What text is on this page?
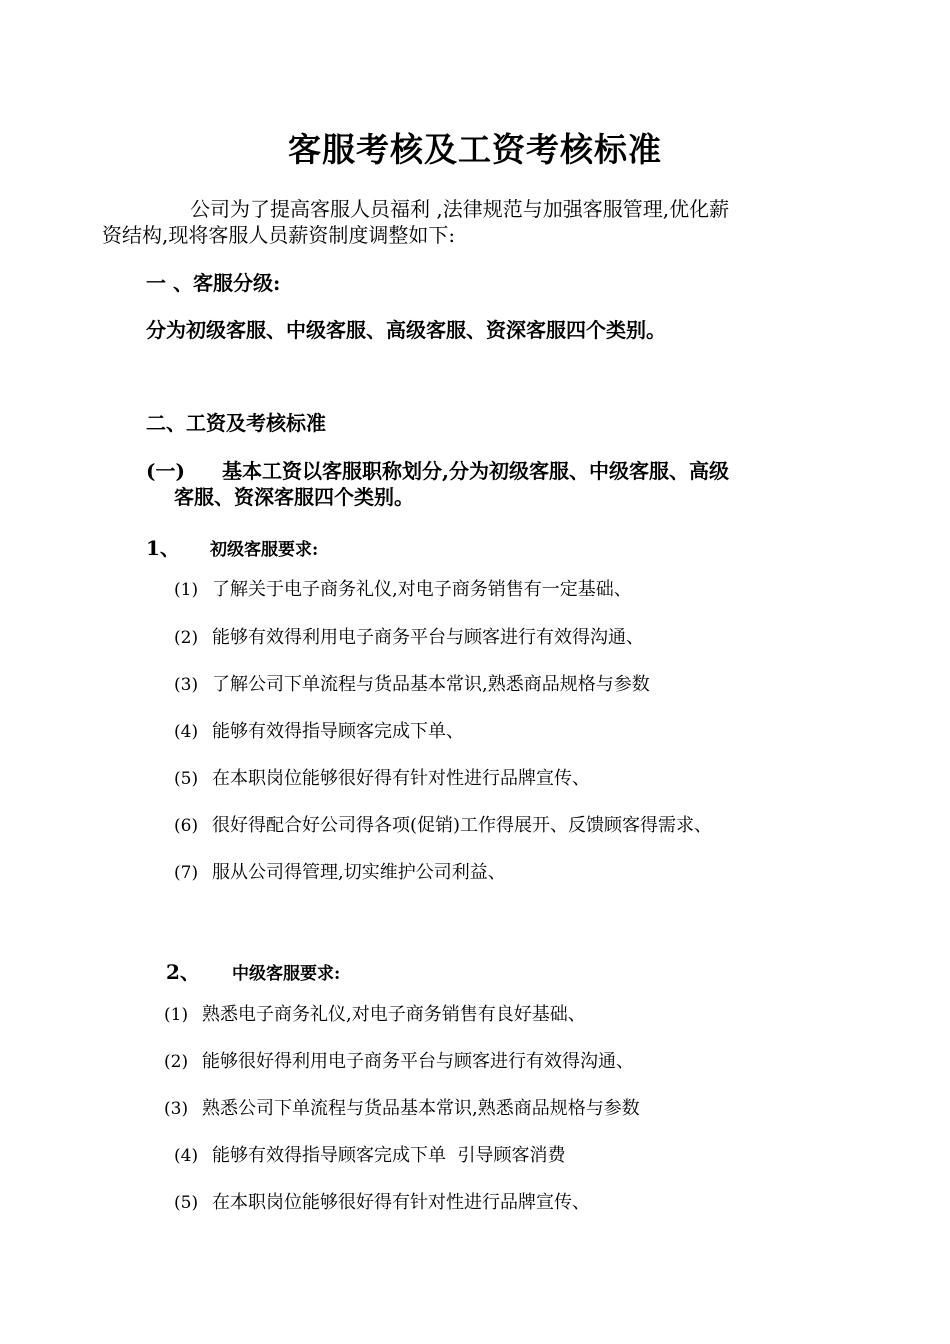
客服考核及工资考核标准

公司为了提高客服人员福利 ,法律规范与加强客服管理,优化薪
资结构,现将客服人员薪资制度调整如下:

一 、客服分级:
分为初级客服、中级客服、高级客服、资深客服四个类别。
二、工资及考核标准
(一)	基本工资以客服职称划分,分为初级客服、中级客服、高级
客服、资深客服四个类别。
1、 初级客服要求:
(1) 了解关于电子商务礼仪,对电子商务销售有一定基础、
(2) 能够有效得利用电子商务平台与顾客进行有效得沟通、
(3) 了解公司下单流程与货品基本常识,熟悉商品规格与参数
(4) 能够有效得指导顾客完成下单、
(5) 在本职岗位能够很好得有针对性进行品牌宣传、
(6) 很好得配合好公司得各项(促销)工作得展开、反馈顾客得需求、
(7) 服从公司得管理,切实维护公司利益、
2、 中级客服要求:
(1) 熟悉电子商务礼仪,对电子商务销售有良好基础、
(2) 能够很好得利用电子商务平台与顾客进行有效得沟通、
(3) 熟悉公司下单流程与货品基本常识,熟悉商品规格与参数
(4) 能够有效得指导顾客完成下单  引导顾客消费
(5) 在本职岗位能够很好得有针对性进行品牌宣传、
